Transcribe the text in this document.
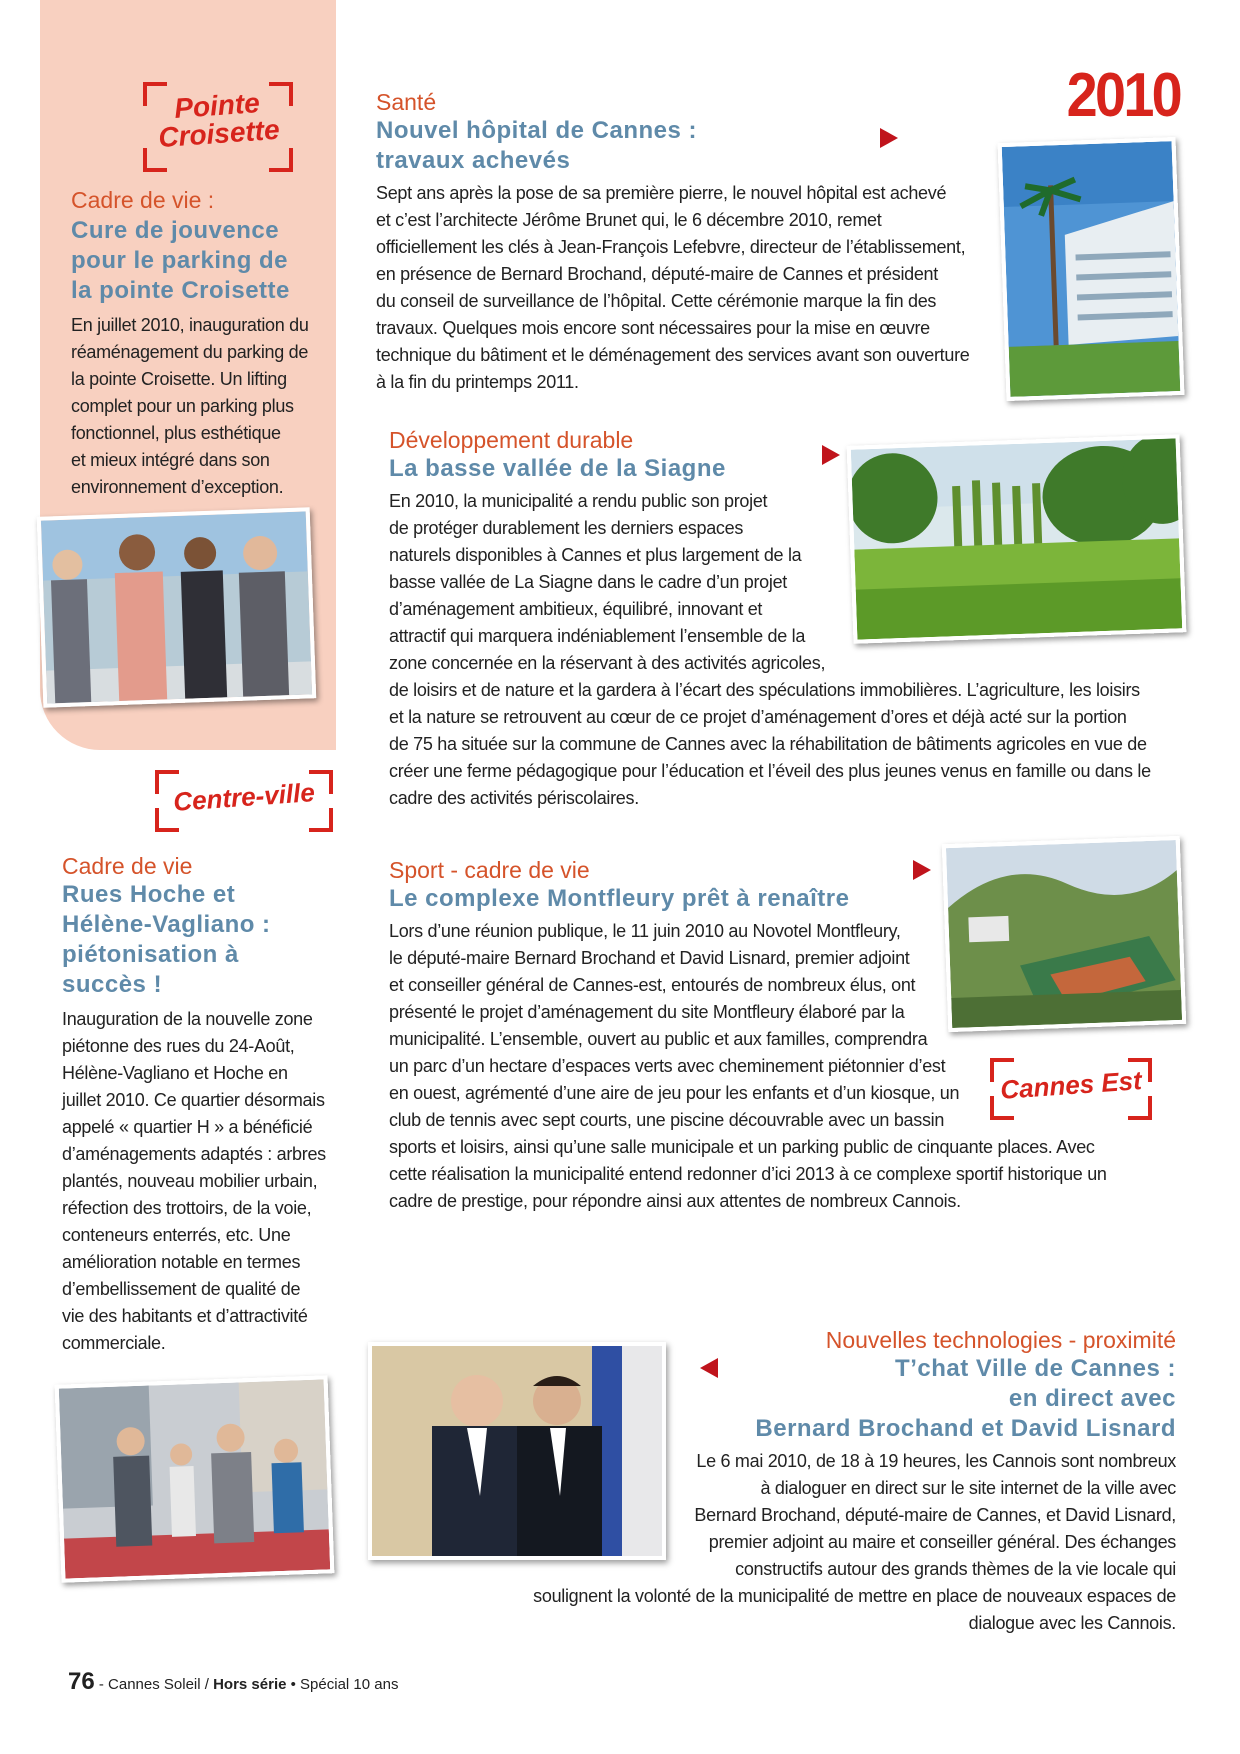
Pointe
Croisette
2010
Cadre de vie :
Cure de jouvence
pour le parking de
la pointe Croisette
En juillet 2010, inauguration du
réaménagement du parking de
la pointe Croisette. Un lifting
complet pour un parking plus
fonctionnel, plus esthétique
et mieux intégré dans son
environnement d’exception.
Santé
Nouvel hôpital de Cannes :
travaux achevés
Sept ans après la pose de sa première pierre, le nouvel hôpital est achevé
et c’est l’architecte Jérôme Brunet qui, le 6 décembre 2010, remet
officiellement les clés à Jean-François Lefebvre, directeur de l’établissement,
en présence de Bernard Brochand, député-maire de Cannes et président
du conseil de surveillance de l’hôpital. Cette cérémonie marque la fin des
travaux. Quelques mois encore sont nécessaires pour la mise en œuvre
technique du bâtiment et le déménagement des services avant son ouverture
à la fin du printemps 2011.
Développement durable
La basse vallée de la Siagne
En 2010, la municipalité a rendu public son projet
de protéger durablement les derniers espaces
naturels disponibles à Cannes et plus largement de la
basse vallée de La Siagne dans le cadre d’un projet
d’aménagement ambitieux, équilibré, innovant et
attractif qui marquera indéniablement l’ensemble de la
zone concernée en la réservant à des activités agricoles,
de loisirs et de nature et la gardera à l’écart des spéculations immobilières. L’agriculture, les loisirs
et la nature se retrouvent au cœur de ce projet d’aménagement d’ores et déjà acté sur la portion
de 75 ha située sur la commune de Cannes avec la réhabilitation de bâtiments agricoles en vue de
créer une ferme pédagogique pour l’éducation et l’éveil des plus jeunes venus en famille ou dans le
cadre des activités périscolaires.
Centre-ville
Cadre de vie
Rues Hoche et
Hélène-Vagliano :
piétonisation à
succès !
Inauguration de la nouvelle zone
piétonne des rues du 24-Août,
Hélène-Vagliano et Hoche en
juillet 2010. Ce quartier désormais
appelé « quartier H » a bénéficié
d’aménagements adaptés : arbres
plantés, nouveau mobilier urbain,
réfection des trottoirs, de la voie,
conteneurs enterrés, etc. Une
amélioration notable en termes
d’embellissement de qualité de
vie des habitants et d’attractivité
commerciale.
Sport - cadre de vie
Le complexe Montfleury prêt à renaître
Lors d’une réunion publique, le 11 juin 2010 au Novotel Montfleury,
le député-maire Bernard Brochand et David Lisnard, premier adjoint
et conseiller général de Cannes-est, entourés de nombreux élus, ont
présenté le projet d’aménagement du site Montfleury élaboré par la
municipalité. L’ensemble, ouvert au public et aux familles, comprendra
un parc d’un hectare d’espaces verts avec cheminement piétonnier d’est
en ouest, agrémenté d’une aire de jeu pour les enfants et d’un kiosque, un
club de tennis avec sept courts, une piscine découvrable avec un bassin
sports et loisirs, ainsi qu’une salle municipale et un parking public de cinquante places. Avec
cette réalisation la municipalité entend redonner d’ici 2013 à ce complexe sportif historique un
cadre de prestige, pour répondre ainsi aux attentes de nombreux Cannois.
Cannes Est
Nouvelles technologies - proximité
T’chat Ville de Cannes :
en direct avec
Bernard Brochand et David Lisnard
Le 6 mai 2010, de 18 à 19 heures, les Cannois sont nombreux
à dialoguer en direct sur le site internet de la ville avec
Bernard Brochand, député-maire de Cannes, et David Lisnard,
premier adjoint au maire et conseiller général. Des échanges
constructifs autour des grands thèmes de la vie locale qui
soulignent la volonté de la municipalité de mettre en place de nouveaux espaces de
dialogue avec les Cannois.
76 - Cannes Soleil / Hors série • Spécial 10 ans
